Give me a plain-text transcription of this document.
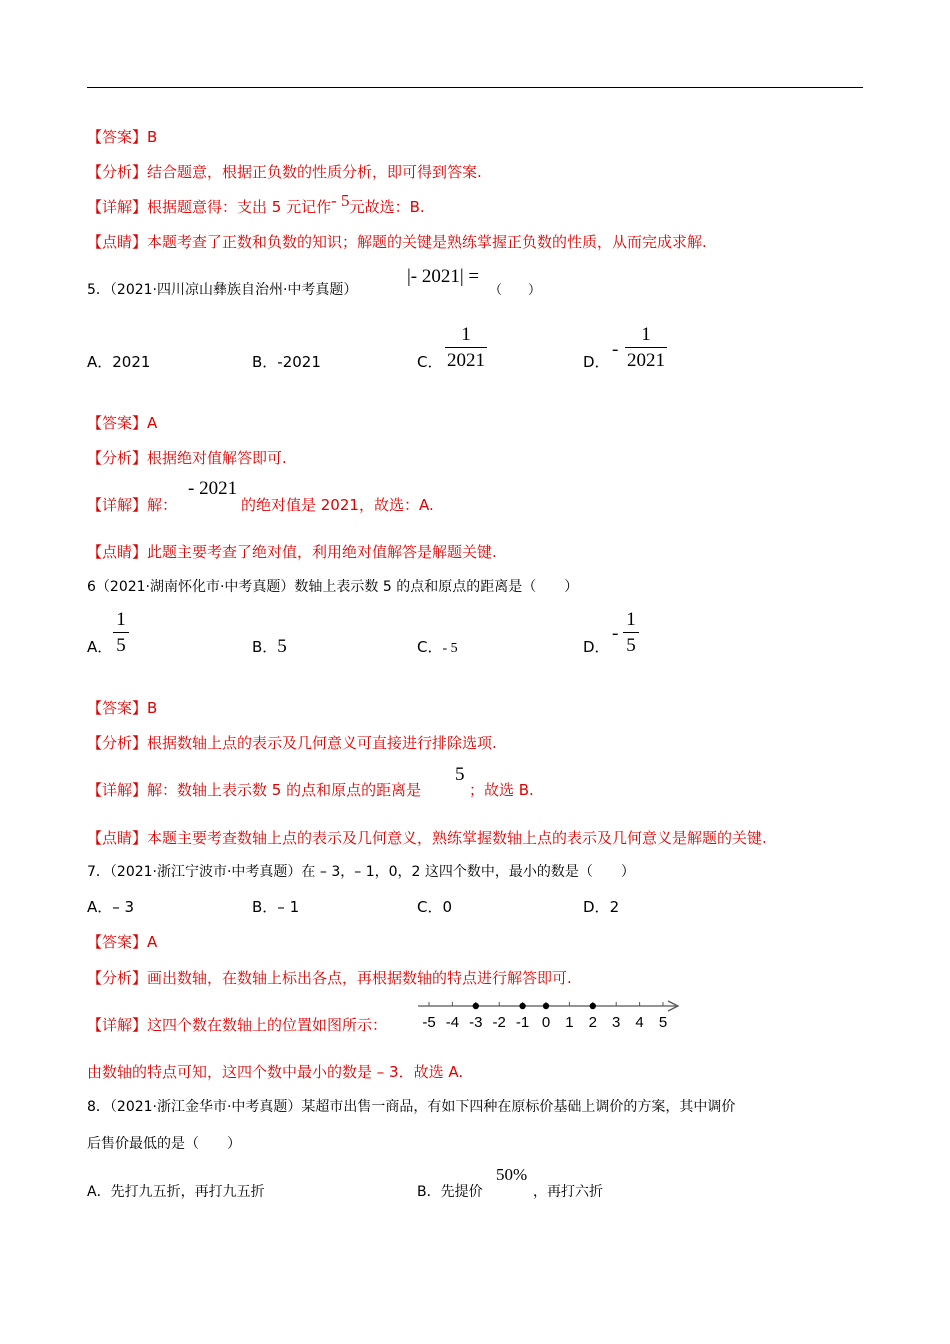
【答案】B
【分析】结合题意，根据正负数的性质分析，即可得到答案.
【详解】根据题意得：支出 5 元记作- 5元故选：B.
【点睛】本题考查了正数和负数的知识；解题的关键是熟练掌握正负数的性质，从而完成求解.
5．（2021·四川凉山彝族自治州·中考真题）
|- 2021| =
（　　）
A．2021	B．-2021	C．
1
2021	D．
-
1
2021
【答案】A
【分析】根据绝对值解答即可.
【详解】解：
- 2021
的绝对值是 2021，故选：A.
【点睛】此题主要考查了绝对值，利用绝对值解答是解题关键.
6（2021·湖南怀化市·中考真题）数轴上表示数 5 的点和原点的距离是（　　）
A．
1
5	B．5	C．- 5	D．
-
1
5
【答案】B
【分析】根据数轴上点的表示及几何意义可直接进行排除选项.
【详解】解：数轴上表示数 5 的点和原点的距离是
5
；故选 B.
【点睛】本题主要考查数轴上点的表示及几何意义，熟练掌握数轴上点的表示及几何意义是解题的关键.
7．（2021·浙江宁波市·中考真题）在 – 3，– 1，0，2 这四个数中，最小的数是（　　）
A．– 3	B．– 1	C．0	D．2
【答案】A
【分析】画出数轴，在数轴上标出各点，再根据数轴的特点进行解答即可.
【详解】这四个数在数轴上的位置如图所示： -5 -4 -3 -2 -1 0 1 2 3 4 5
由数轴的特点可知，这四个数中最小的数是 – 3．故选 A.
8．（2021·浙江金华市·中考真题）某超市出售一商品，有如下四种在原标价基础上调价的方案，其中调价
后售价最低的是（　　）
A．先打九五折，再打九五折	B．先提价
50%
，再打六折
